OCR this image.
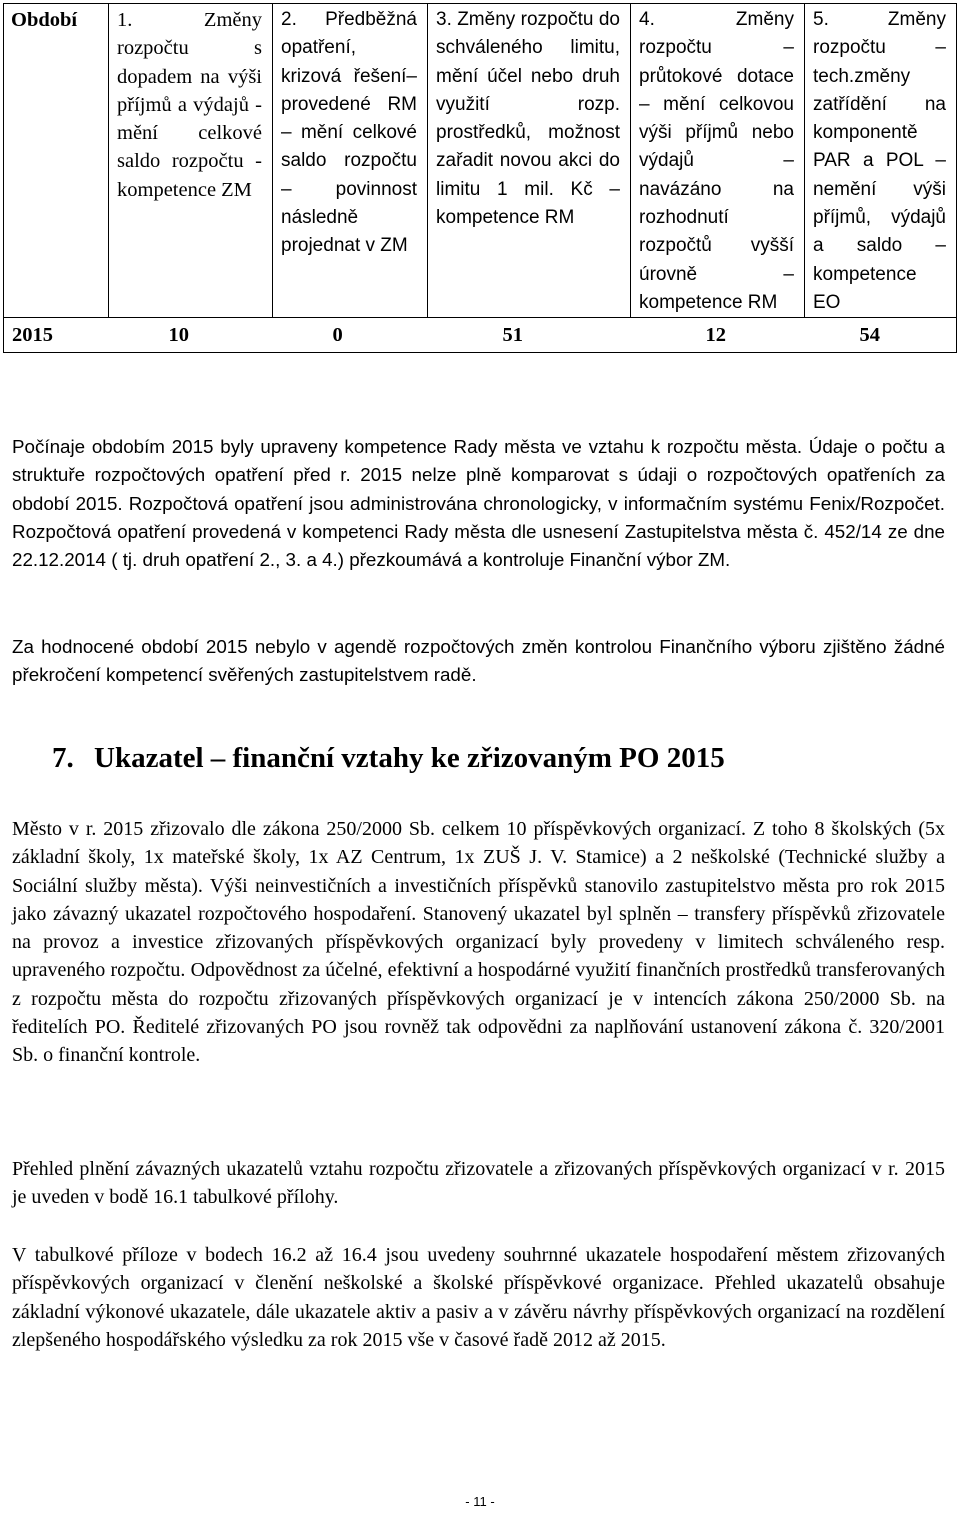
Období	1. Změny rozpočtu s dopadem na výši příjmů a výdajů - mění celkové saldo rozpočtu - kompetence ZM	2. Předběžná opatření, krizová řešení– provedené RM – mění celkové saldo rozpočtu – povinnost následně projednat v ZM	3. Změny rozpočtu do schváleného limitu, mění účel nebo druh využití rozp. prostředků, možnost zařadit novou akci do limitu 1 mil. Kč – kompetence RM	4. Změny rozpočtu – průtokové dotace – mění celkovou výši příjmů nebo výdajů – navázáno na rozhodnutí rozpočtů vyšší úrovně – kompetence RM	5. Změny rozpočtu – tech.změny zatřídění na komponentě PAR a POL – nemění výši příjmů, výdajů a saldo – kompetence EO
2015	10	0	51	12	54

Počínaje obdobím 2015 byly upraveny kompetence Rady města ve vztahu k rozpočtu města. Údaje o počtu a struktuře rozpočtových opatření před r. 2015 nelze plně komparovat s údaji o rozpočtových opatřeních za období 2015. Rozpočtová opatření jsou administrována chronologicky, v informačním systému Fenix/Rozpočet. Rozpočtová opatření provedená v kompetenci Rady města dle usnesení Zastupitelstva města č. 452/14 ze dne 22.12.2014 ( tj. druh opatření 2., 3. a 4.) přezkoumává a kontroluje Finanční výbor ZM.

Za hodnocené období 2015 nebylo v agendě rozpočtových změn kontrolou Finančního výboru zjištěno žádné překročení kompetencí svěřených zastupitelstvem radě.

7. Ukazatel – finanční vztahy ke zřizovaným PO 2015

Město v r. 2015 zřizovalo dle zákona 250/2000 Sb. celkem 10 příspěvkových organizací. Z toho 8 školských (5x základní školy, 1x mateřské školy, 1x AZ Centrum, 1x ZUŠ J. V. Stamice) a 2 neškolské (Technické služby a Sociální služby města). Výši neinvestičních a investičních příspěvků stanovilo zastupitelstvo města pro rok 2015 jako závazný ukazatel rozpočtového hospodaření. Stanovený ukazatel byl splněn – transfery příspěvků zřizovatele na provoz a investice zřizovaných příspěvkových organizací byly provedeny v limitech schváleného resp. upraveného rozpočtu. Odpovědnost za účelné, efektivní a hospodárné využití finančních prostředků transferovaných z rozpočtu města do rozpočtu zřizovaných příspěvkových organizací je v intencích zákona 250/2000 Sb. na ředitelích PO. Ředitelé zřizovaných PO jsou rovněž tak odpovědni za naplňování ustanovení zákona č. 320/2001 Sb. o finanční kontrole.

Přehled plnění závazných ukazatelů vztahu rozpočtu zřizovatele a zřizovaných příspěvkových organizací v r. 2015 je uveden v bodě 16.1 tabulkové přílohy.

V tabulkové příloze v bodech 16.2 až 16.4 jsou uvedeny souhrnné ukazatele hospodaření městem zřizovaných příspěvkových organizací v členění neškolské a školské příspěvkové organizace. Přehled ukazatelů obsahuje základní výkonové ukazatele, dále ukazatele aktiv a pasiv a v závěru návrhy příspěvkových organizací na rozdělení zlepšeného hospodářského výsledku za rok 2015 vše v časové řadě 2012 až 2015.

- 11 -
